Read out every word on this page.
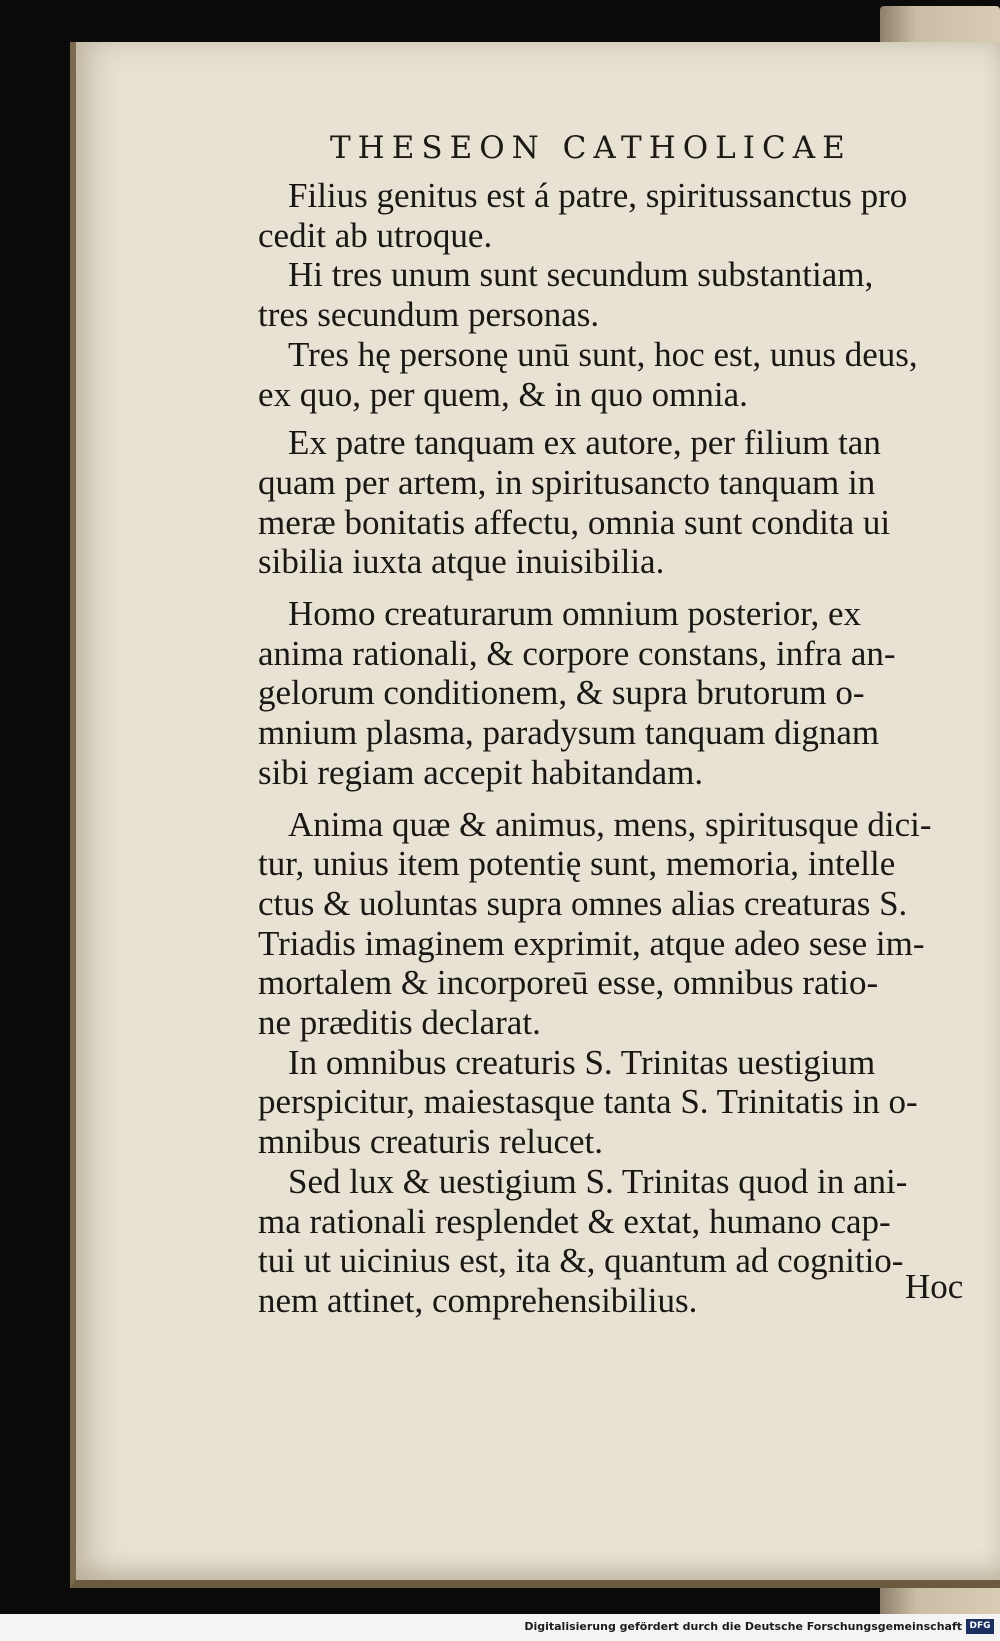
THESEON CATHOLICAE

Filius genitus est á patre, spiritussanctus pro
cedit ab utroque.

Hi tres unum sunt secundum substantiam,
tres secundum personas.

Tres hę personę unū sunt, hoc est, unus deus,
ex quo, per quem, & in quo omnia.

Ex patre tanquam ex autore, per filium tan
quam per artem, in spiritusancto tanquam in
meræ bonitatis affectu, omnia sunt condita ui
sibilia iuxta atque inuisibilia.

Homo creaturarum omnium posterior, ex
anima rationali, & corpore constans, infra an-
gelorum conditionem, & supra brutorum o-
mnium plasma, paradysum tanquam dignam
sibi regiam accepit habitandam.

Anima quæ & animus, mens, spiritusque dici-
tur, unius item potentię sunt, memoria, intelle
ctus & uoluntas supra omnes alias creaturas S.
Triadis imaginem exprimit, atque adeo sese im-
mortalem & incorporeū esse, omnibus ratio-
ne præditis declarat.

In omnibus creaturis S. Trinitas uestigium
perspicitur, maiestasque tanta S. Trinitatis in o-
mnibus creaturis relucet.

Sed lux & uestigium S. Trinitas quod in ani-
ma rationali resplendet & extat, humano cap-
tui ut uicinius est, ita &, quantum ad cognitio-
nem attinet, comprehensibilius.	Hoc
Digitalisierung gefördert durch die Deutsche Forschungsgemeinschaft DFG
